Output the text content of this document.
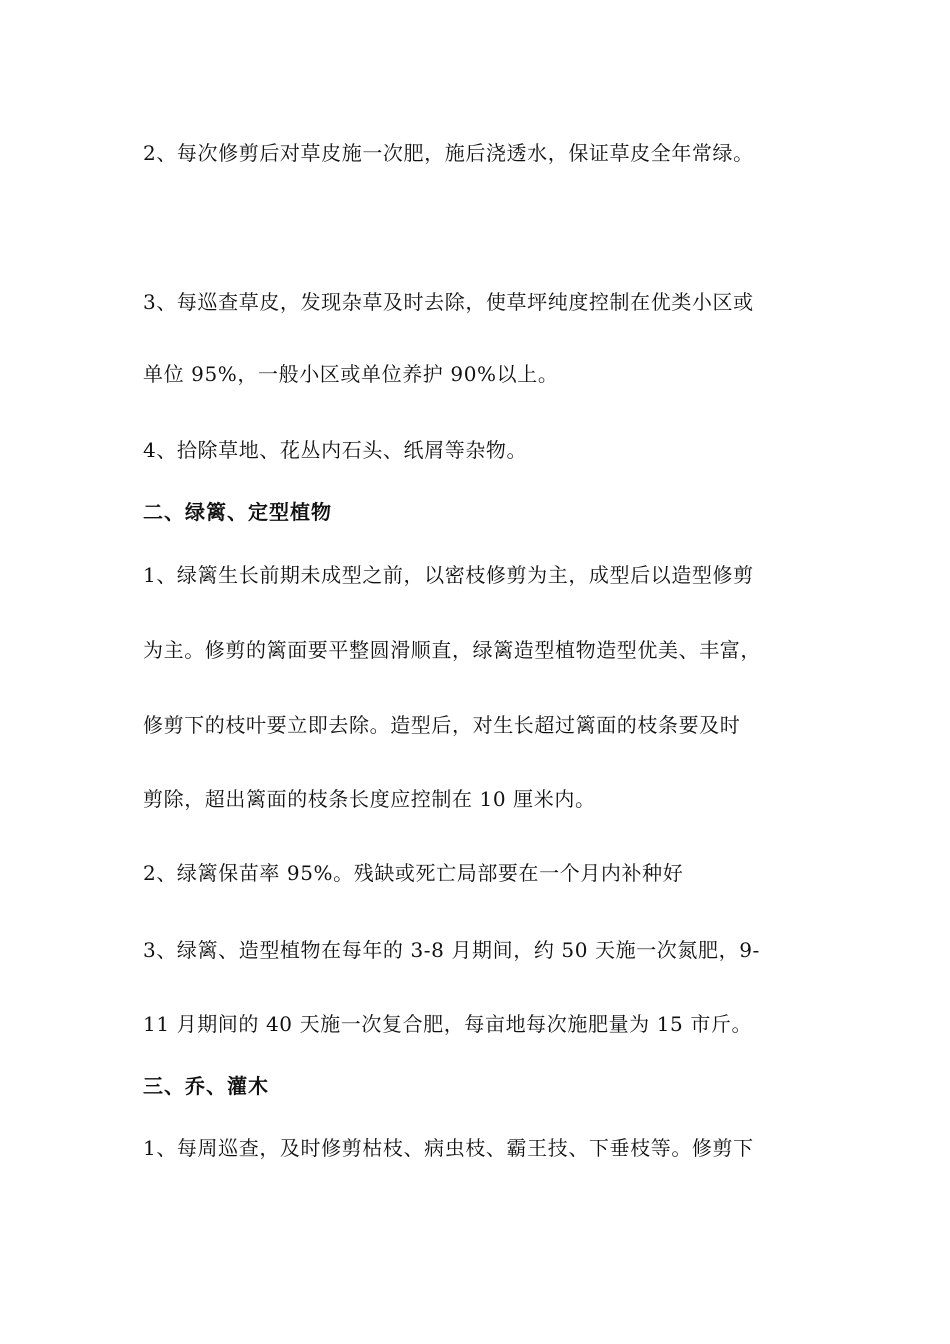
2、每次修剪后对草皮施一次肥，施后浇透水，保证草皮全年常绿。
3、每巡查草皮，发现杂草及时去除，使草坪纯度控制在优类小区或
单位 95%，一般小区或单位养护 90%以上。
4、拾除草地、花丛内石头、纸屑等杂物。
二、绿篱、定型植物
1、绿篱生长前期未成型之前，以密枝修剪为主，成型后以造型修剪
为主。修剪的篱面要平整圆滑顺直，绿篱造型植物造型优美、丰富，
修剪下的枝叶要立即去除。造型后，对生长超过篱面的枝条要及时
剪除，超出篱面的枝条长度应控制在 10 厘米内。
2、绿篱保苗率 95%。残缺或死亡局部要在一个月内补种好
3、绿篱、造型植物在每年的 3-8 月期间，约 50 天施一次氮肥，9-
11 月期间的 40 天施一次复合肥，每亩地每次施肥量为 15 市斤。
三、乔、灌木
1、每周巡查，及时修剪枯枝、病虫枝、霸王技、下垂枝等。修剪下
